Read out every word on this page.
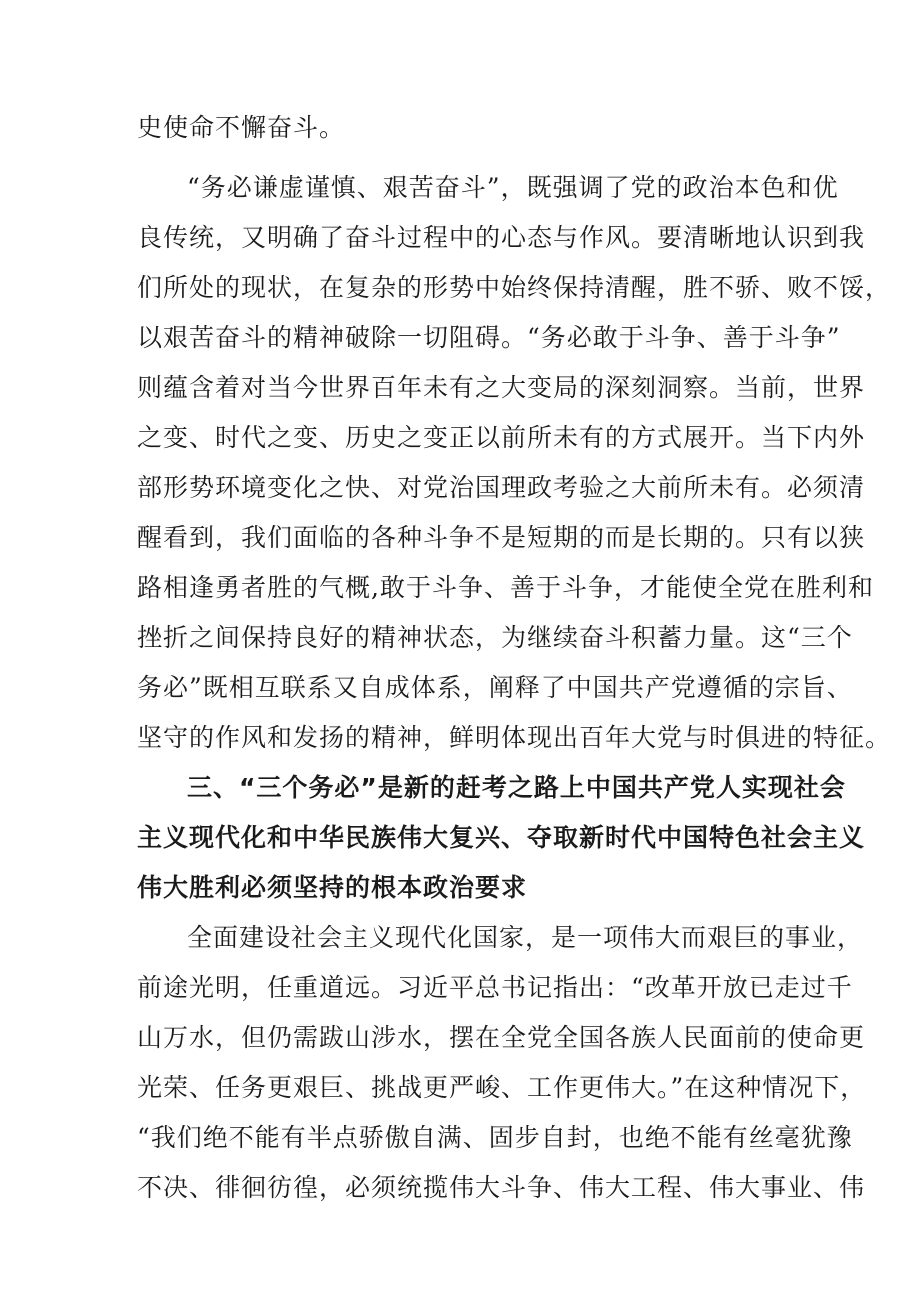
史使命不懈奋斗。
“务必谦虚谨慎、艰苦奋斗”，既强调了党的政治本色和优
良传统，又明确了奋斗过程中的心态与作风。要清晰地认识到我
们所处的现状，在复杂的形势中始终保持清醒，胜不骄、败不馁，
以艰苦奋斗的精神破除一切阻碍。“务必敢于斗争、善于斗争”
则蕴含着对当今世界百年未有之大变局的深刻洞察。当前，世界
之变、时代之变、历史之变正以前所未有的方式展开。当下内外
部形势环境变化之快、对党治国理政考验之大前所未有。必须清
醒看到，我们面临的各种斗争不是短期的而是长期的。只有以狭
路相逢勇者胜的气概,敢于斗争、善于斗争，才能使全党在胜利和
挫折之间保持良好的精神状态，为继续奋斗积蓄力量。这“三个
务必”既相互联系又自成体系，阐释了中国共产党遵循的宗旨、
坚守的作风和发扬的精神，鲜明体现出百年大党与时俱进的特征。
三、“三个务必”是新的赶考之路上中国共产党人实现社会
主义现代化和中华民族伟大复兴、夺取新时代中国特色社会主义
伟大胜利必须坚持的根本政治要求
全面建设社会主义现代化国家，是一项伟大而艰巨的事业，
前途光明，任重道远。习近平总书记指出：“改革开放已走过千
山万水，但仍需跋山涉水，摆在全党全国各族人民面前的使命更
光荣、任务更艰巨、挑战更严峻、工作更伟大。”在这种情况下，
“我们绝不能有半点骄傲自满、固步自封，也绝不能有丝毫犹豫
不决、徘徊彷徨，必须统揽伟大斗争、伟大工程、伟大事业、伟
